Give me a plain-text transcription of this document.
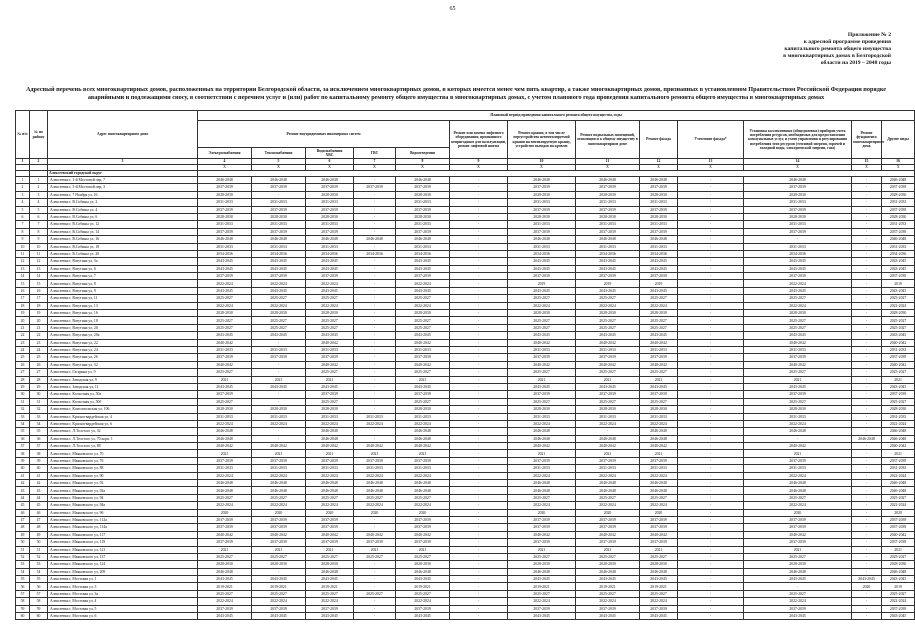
65
Приложение № 2
к адресной программе проведения
капитального ремонта общего имущества
в многоквартирных домах в Белгородской
области на 2019 – 2048 годы
Адресный перечень всех многоквартирных домов, расположенных на территории Белгородской области, за исключением многоквартирных домов, в которых имеется менее чем пять квартир, а также многоквартирных домов, признанных в установленном Правительством Российской Федерации порядке аварийными и подлежащими сносу, в соответствии с перечнем услуг и (или) работ по капитальному ремонту общего имущества в многоквартирных домах, с учетом планового года проведения капитального ремонта общего имущества в многоквартирных домах
№ п/п	№ по району	Адрес многоквартирного дома	Плановый период проведения капитального ремонта общего имущества, годы												
			Ремонт внутридомовых инженерных систем					Ремонт или замена лифтового оборудования, признанного непригодным для эксплуатации, ремонт лифтовой шахты	Ремонт крыши, в том числе переустройство невентилируемой крыши на вентилируемую крышу, устройство выходов на кровлю	Ремонт подвальных помещений, относящихся к общему имуществу в многоквартирном доме	Ремонт фасада	Утепление фасада*	Установка коллективных (общедомовых) приборов учета потребления ресурсов, необходимых для предоставления коммунальных услуг, и узлов управления и регулирования потребления этих ресурсов (тепловой энергии, горячей и холодной воды, электрической энергии, газа)	Ремонт фундамента многоквартирного дома	Другие виды
			Электроснабжения	Теплоснабжения	Водоснабжения
ХВС	ГВС	Водоотведения								
1	2	3	4	5	6	7	8	9	10	11	12	13	14	15	16
			X	X	X	X	X	X	X	X	X	X	X	X	X
		Алексеевский городской округ													
1	1	Алексеевка г, 1-й Мостовой пер, 7	2046-2048	2046-2048	2046-2048	-	2046-2048	-	2046-2048	2046-2048	2046-2048	-	2046-2048	-	2046-2048
2	2	Алексеевка г, 3-й Мостовой пер, 3	2037-2039	2037-2039	2037-2039	2037-2039	2037-2039	-	2037-2039	2037-2039	2037-2039	-	2037-2039	-	2037-2039
3	3	Алексеевка г, 7 Ноября ул, 16	2028-2030	-	2028-2030	-	2028-2030	-	2028-2030	2028-2030	2028-2030	-	2028-2030	-	2028-2030
4	4	Алексеевка г, В.Собины ул, 2	2031-2033	2031-2033	2031-2033	-	2031-2033	-	2031-2033	2031-2033	2031-2033	-	2031-2033	-	2031-2033
5	5	Алексеевка г, В.Собины ул, 4	2037-2039	2037-2039	2037-2039	-	2037-2039	-	2037-2039	2037-2039	2037-2039	-	2037-2039	-	2037-2039
6	6	Алексеевка г, В.Собины ул, 6	2028-2030	2028-2030	2028-2030	-	2028-2030	-	2028-2030	2028-2030	2028-2030	-	2028-2030	-	2028-2030
7	7	Алексеевка г, В.Собины ул, 12	2031-2033	2031-2033	2031-2033	-	2031-2033	-	2031-2033	2031-2033	2031-2033	-	2031-2033	-	2031-2033
8	8	Алексеевка г, В.Собины ул, 14	2037-2039	2037-2039	2037-2039	-	2037-2039	-	2037-2039	2037-2039	2037-2039	-	2037-2039	-	2037-2039
9	9	Алексеевка г, В.Собины ул, 16	2046-2048	2046-2048	2046-2048	2046-2048	2046-2048	-	2046-2048	2046-2048	2046-2048	-	-	-	2046-2048
10	10	Алексеевка г, В.Собины ул, 18	2031-2033	2031-2033	2031-2033	-	2031-2033	-	2031-2033	2031-2033	2031-2033	-	2031-2033	-	2031-2033
11	11	Алексеевка г, В.Собины ул, 20	2034-2036	2034-2036	2034-2036	2034-2036	2034-2036	-	2034-2036	2034-2036	2034-2036	-	2034-2036	-	2034-2036
12	12	Алексеевка г, Ватутина ул, 3а	2043-2045	2043-2045	2043-2045	-	2043-2045	-	2043-2045	2043-2045	2043-2045	-	2043-2045	-	2043-2045
13	13	Алексеевка г, Ватутина ул, 6	2043-2045	2043-2045	2043-2045	-	2043-2045	-	2043-2045	2043-2045	2043-2045	-	2043-2045	-	2043-2045
14	14	Алексеевка г, Ватутина ул, 7	2037-2039	2037-2039	2037-2039	-	2037-2039	-	2037-2039	2037-2039	2037-2039	-	2037-2039	-	2037-2039
15	15	Алексеевка г, Ватутина ул, 8	2022-2024	2022-2024	2022-2024	-	2022-2024	-	2019	2019	2019	-	2022-2024	-	2019
16	16	Алексеевка г, Ватутина ул, 9	2043-2045	2043-2045	2043-2045	-	2043-2045	-	2043-2045	2043-2045	2043-2045	-	2043-2045	-	2043-2045
17	17	Алексеевка г, Ватутина ул, 11	2025-2027	2025-2027	2025-2027	-	2025-2027	-	2025-2027	2025-2027	2025-2027	-	2025-2027	-	2025-2027
18	18	Алексеевка г, Ватутина ул, 13	2022-2024	2022-2024	2022-2024	-	2022-2024	-	2022-2024	2022-2024	2022-2024	-	2022-2024	-	2022-2024
19	19	Алексеевка г, Ватутина ул, 16	2028-2030	2028-2030	2028-2030	-	2028-2030	-	2028-2030	2028-2030	2028-2030	-	2028-2030	-	2028-2030
20	20	Алексеевка г, Ватутина ул, 18	2025-2027	2025-2027	2025-2027	-	2025-2027	-	2025-2027	2025-2027	2025-2027	-	2025-2027	-	2025-2027
21	21	Алексеевка г, Ватутина ул, 20	2025-2027	2025-2027	2025-2027	-	2025-2027	-	2025-2027	2025-2027	2025-2027	-	2025-2027	-	2025-2027
22	22	Алексеевка г, Ватутина ул, 20а	2043-2045	2043-2045	2043-2045	-	2043-2045	-	2043-2045	2043-2045	2043-2045	-	2043-2045	-	2043-2045
23	23	Алексеевка г, Ватутина ул, 22	2040-2042	-	2040-2042	-	2040-2042	-	2040-2042	2040-2042	2040-2042	-	2040-2042	-	2040-2042
24	24	Алексеевка г, Ватутина ул, 24	2031-2033	2031-2033	2031-2033	-	2031-2033	-	2031-2033	2031-2033	2031-2033	-	2031-2033	-	2031-2033
25	25	Алексеевка г, Ватутина ул, 26	2037-2039	2037-2039	2037-2039	-	2037-2039	-	2037-2039	2037-2039	2037-2039	-	2037-2039	-	2037-2039
26	26	Алексеевка г, Ватутина ул, 32	2040-2042	-	2040-2042	-	2040-2042	-	2040-2042	2040-2042	2040-2042	-	2040-2042	-	2040-2042
27	27	Алексеевка г, Гагарина ул, 9	2025-2027	-	2025-2027	-	2025-2027	-	2025-2027	2025-2027	2025-2027	-	2025-2027	-	2025-2027
28	28	Алексеевка г, Заводская ул, 9	2021	2021	2021	-	2021	-	2021	2021	2021	-	2021	-	2021
29	29	Алексеевка г, Заводская ул, 11	2043-2045	2043-2045	2043-2045	-	2043-2045	-	2043-2045	2043-2045	2043-2045	-	2043-2045	-	2043-2045
30	30	Алексеевка г, Колхозная ул, 50а	2037-2039	-	2037-2039	-	2037-2039	-	2037-2039	2037-2039	2037-2039	-	2037-2039	-	2037-2039
31	31	Алексеевка г, Колхозная ул, 50б	2025-2027	-	2025-2027	-	2025-2027	-	2025-2027	2025-2027	2025-2027	-	2025-2027	-	2025-2027
32	32	Алексеевка г, Комсомольская ул, 106	2028-2030	2028-2030	2028-2030	-	2028-2030	-	2028-2030	2028-2030	2028-2030	-	2028-2030	-	2028-2030
33	33	Алексеевка г, Красногвардейская ул, 4	2031-2033	2031-2033	2031-2033	2031-2033	2031-2033	-	2031-2033	2031-2033	2031-2033	-	2031-2033	-	2031-2033
34	34	Алексеевка г, Красногвардейская ул, 6	2022-2024	2022-2024	2022-2024	2022-2024	2022-2024	-	2022-2024	2022-2024	2022-2024	-	2022-2024	-	2022-2024
35	35	Алексеевка г, Л.Толстого ул, 32	2046-2048	-	2046-2048	-	2046-2048	-	2046-2048	-	2046-2048	-	2046-2048	-	2046-2048
36	36	Алексеевка г, Л.Толстого ул, 70 корп. 1	2046-2048	-	2046-2048	-	2046-2048	-	2046-2048	2046-2048	2046-2048	-	-	2046-2048	2046-2048
37	37	Алексеевка г, Л.Толстого ул, 88	2040-2042	2040-2042	2040-2042	2040-2042	2040-2042	-	2040-2042	2040-2042	2040-2042	-	2040-2042	-	2040-2042
38	38	Алексеевка г, Маяковского ул, 70	2021	2021	2021	2021	2021	-	2021	2021	2021	-	2021	-	2021
39	39	Алексеевка г, Маяковского ул, 76	2037-2039	2037-2039	2037-2039	2037-2039	2037-2039	-	2037-2039	2037-2039	2037-2039	-	2037-2039	-	2037-2039
40	40	Алексеевка г, Маяковского ул, 88	2031-2033	2031-2033	2031-2033	2031-2033	2031-2033	-	2031-2033	2031-2033	2031-2033	-	2031-2033	-	2031-2033
41	41	Алексеевка г, Маяковского ул, 90	2022-2024	2022-2024	2022-2024	2022-2024	2022-2024	-	2022-2024	2022-2024	2022-2024	-	2022-2024	-	2022-2024
42	42	Алексеевка г, Маяковского ул, 92	2046-2048	2046-2048	2046-2048	2046-2048	2046-2048	-	2046-2048	2046-2048	2046-2048	-	2046-2048	-	2046-2048
43	43	Алексеевка г, Маяковского ул, 92а	2046-2048	2046-2048	2046-2048	2046-2048	2046-2048	-	2046-2048	2046-2048	2046-2048	-	2046-2048	-	2046-2048
44	44	Алексеевка г, Маяковского ул, 94	2025-2027	2025-2027	2025-2027	2025-2027	2025-2027	-	2025-2027	2025-2027	2025-2027	-	2025-2027	-	2025-2027
45	45	Алексеевка г, Маяковского ул, 94а	2022-2024	2022-2024	2022-2024	2022-2024	2022-2024	-	2022-2024	2022-2024	2022-2024	-	2022-2024	-	2022-2024
46	46	Алексеевка г, Маяковского ул, 96	2020	2020	2020	2020	2020	-	2020	2020	2020	-	2020	-	2020
47	47	Алексеевка г, Маяковского ул, 112а	2037-2039	2037-2039	2037-2039	-	2037-2039	-	2037-2039	2037-2039	2037-2039	-	2037-2039	-	2037-2039
48	48	Алексеевка г, Маяковского ул, 114а	2037-2039	2037-2039	2037-2039	-	2037-2039	-	2037-2039	2037-2039	2037-2039	-	2037-2039	-	2037-2039
49	49	Алексеевка г, Маяковского ул, 117	2040-2042	2040-2042	2040-2042	2040-2042	2040-2042	-	2040-2042	2040-2042	2040-2042	-	2040-2042	-	2040-2042
50	50	Алексеевка г, Маяковского ул, 119	2037-2039	2037-2039	2037-2039	2037-2039	2037-2039	-	2037-2039	2037-2039	2037-2039	-	2037-2039	-	2037-2039
51	51	Алексеевка г, Маяковского ул, 121	2021	2021	2021	2021	2021	-	2021	2021	2021	-	2021	-	2021
52	52	Алексеевка г, Маяковского ул, 137	2025-2027	2025-2027	2025-2027	2025-2027	2025-2027	-	2025-2027	2025-2027	2025-2027	-	2025-2027	-	2025-2027
53	53	Алексеевка г, Маяковского ул, 124	2028-2030	2028-2030	2028-2030	-	2028-2030	-	2028-2030	2028-2030	2028-2030	-	2028-2030	-	2028-2030
54	54	Алексеевка г, Маяковского ул, 209	2046-2048	-	2046-2048	-	2046-2048	-	2046-2048	2046-2048	2046-2048	-	2046-2048	-	2046-2048
55	55	Алексеевка г, Мостовая ул, 1	2043-2045	2043-2045	2043-2045	-	2043-2045	-	2043-2045	2043-2045	2043-2045	-	2043-2045	2043-2045	2043-2045
56	56	Алексеевка г, Мостовая ул, 3	2019-2021	2019-2021	2019-2021	-	2019-2021	-	2019-2021	2019-2021	2019-2021	-	-	2020	2019
57	57	Алексеевка г, Мостовая ул, 3а	2025-2027	2025-2027	2025-2027	2025-2027	2025-2027	-	2025-2027	2025-2027	2025-2027	-	2025-2027	-	2025-2027
58	58	Алексеевка г, Мостовая ул, 4	2022-2024	2022-2024	2022-2024	-	2022-2024	-	2022-2024	2022-2024	2022-2024	-	2022-2024	-	2022-2024
59	59	Алексеевка г, Мостовая ул, 5	2037-2039	2037-2039	2037-2039	-	2037-2039	-	2037-2039	2037-2039	2037-2039	-	2037-2039	-	2037-2039
60	60	Алексеевка г, Мостовая ул, 6	2043-2045	2043-2045	2043-2045	-	2043-2045	-	2043-2045	2043-2045	2043-2045	-	2043-2045	-	2043-2045
